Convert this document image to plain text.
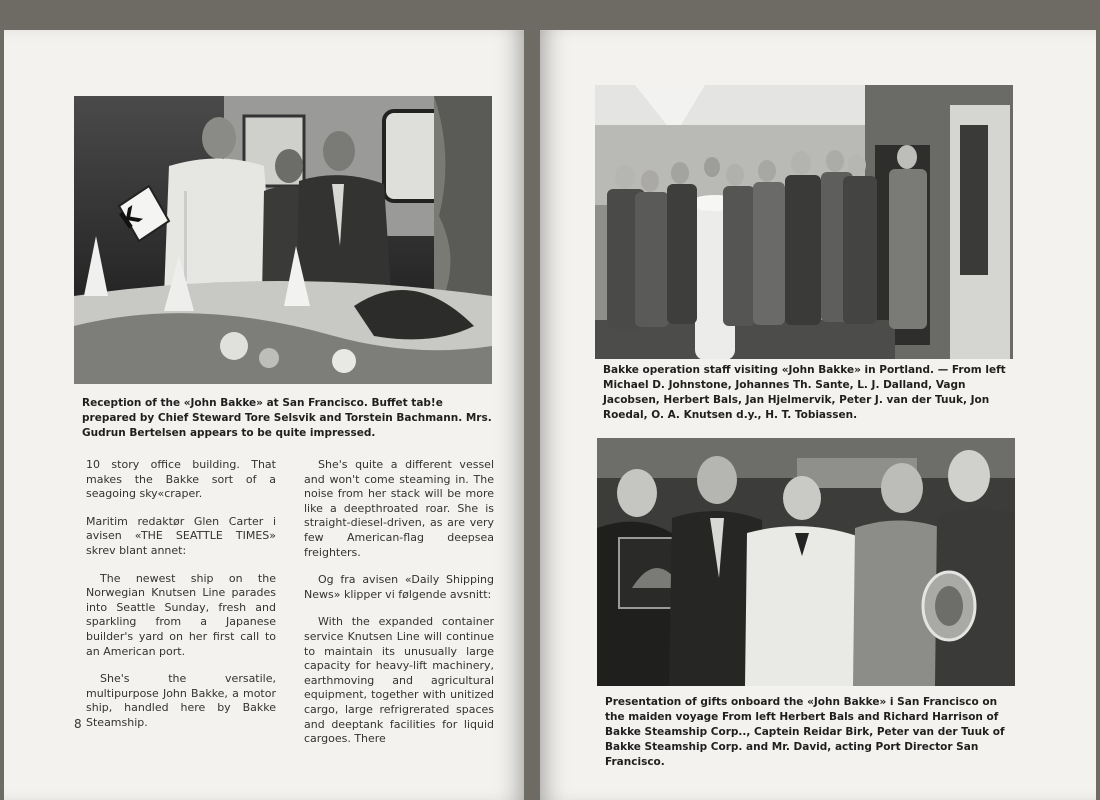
K

Reception of the «John Bakke» at San Francisco. Buffet tab!e prepared by Chief Steward Tore Selsvik and Torstein Bachmann. Mrs. Gudrun Bertelsen appears to be quite impressed.

10 story office building. That makes the Bakke sort of a seagoing sky«craper.

Maritim redaktør Glen Carter i avisen «THE SEATTLE TIMES» skrev blant annet:

The newest ship on the Norwegian Knutsen Line parades into Seattle Sunday, fresh and sparkling from a Japanese builder's yard on her first call to an American port.

She's the versatile, multipurpose John Bakke, a motor ship, handled here by Bakke Steamship.

She's quite a different vessel and won't come steaming in. The noise from her stack will be more like a deepthroated roar. She is straight-diesel-driven, as are very few American-flag deepsea freighters.

Og fra avisen «Daily Shipping News» klipper vi følgende avsnitt:

With the expanded container service Knutsen Line will continue to maintain its unusually large capacity for heavy-lift machinery, earthmoving and agricultural equipment, together with unitized cargo, large refrigrerated spaces and deeptank facilities for liquid cargoes. There

8

Bakke operation staff visiting «John Bakke» in Portland. — From left Michael D. Johnstone, Johannes Th. Sante, L. J. Dalland, Vagn Jacobsen, Herbert Bals, Jan Hjelmervik, Peter J. van der Tuuk, Jon Roedal, O. A. Knutsen d.y., H. T. Tobiassen.

Presentation of gifts onboard the «John Bakke» i San Francisco on the maiden voyage From left Herbert Bals and Richard Harrison of Bakke Steamship Corp.., Captein Reidar Birk, Peter van der Tuuk of Bakke Steamship Corp. and Mr. David, acting Port Director San Francisco.
